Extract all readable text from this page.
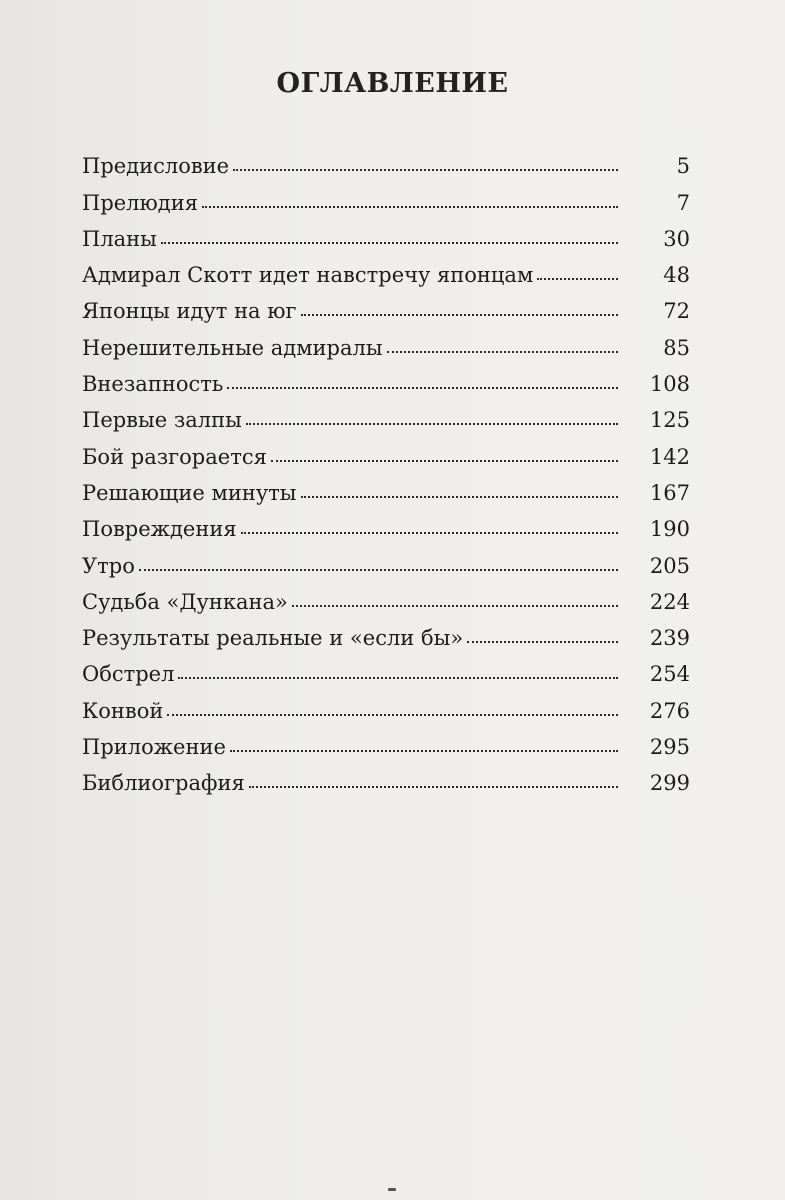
ОГЛАВЛЕНИЕ
Предисловие	5
Прелюдия	7
Планы	30
Адмирал Скотт идет навстречу японцам	48
Японцы идут на юг	72
Нерешительные адмиралы	85
Внезапность	108
Первые залпы	125
Бой разгорается	142
Решающие минуты	167
Повреждения	190
Утро	205
Судьба «Дункана»	224
Результаты реальные и «если бы»	239
Обстрел	254
Конвой	276
Приложение	295
Библиография	299
